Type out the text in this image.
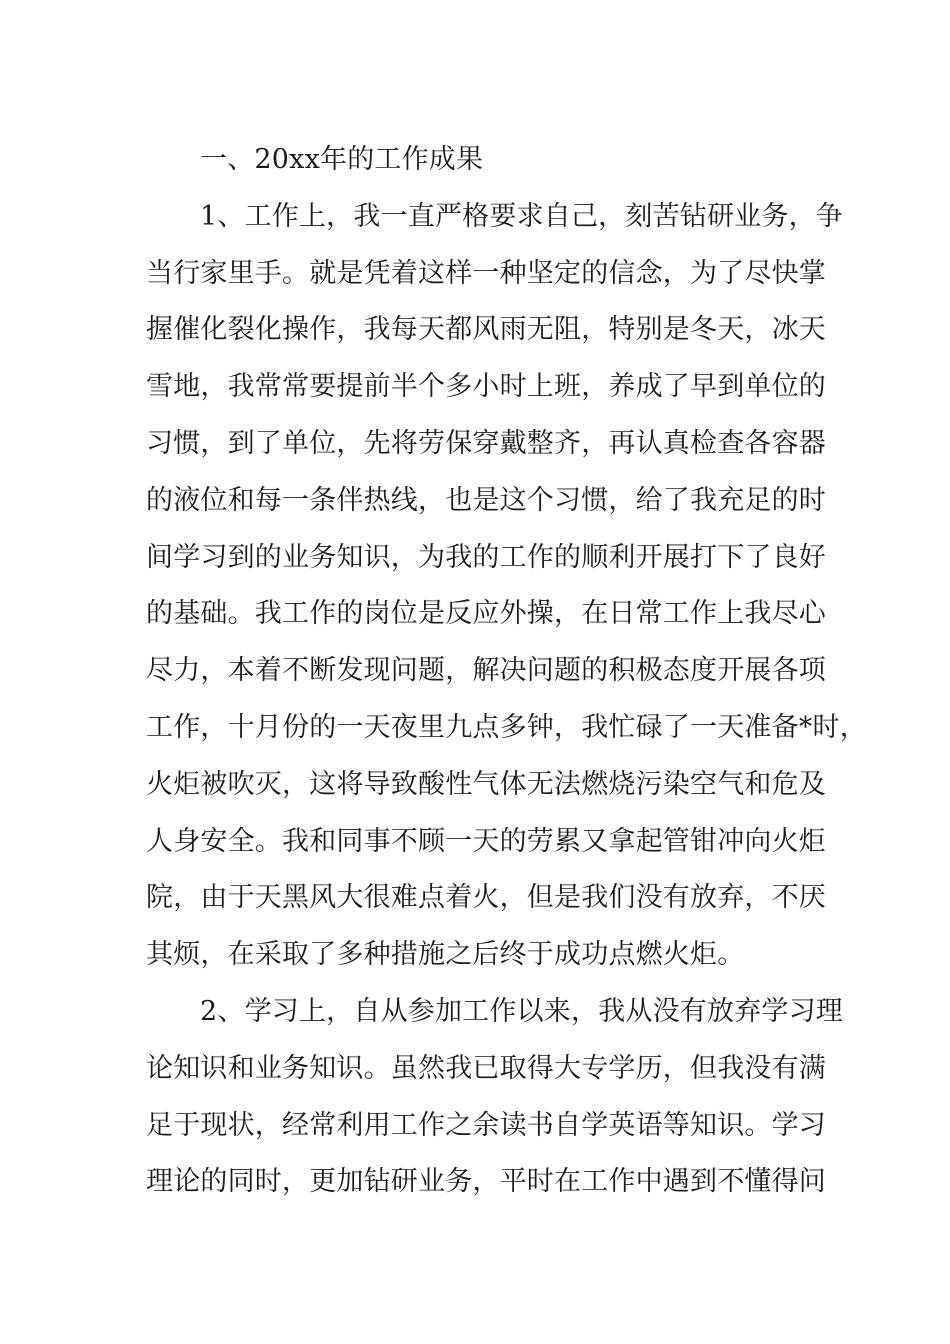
一、20xx年的工作成果
1、工作上，我一直严格要求自己，刻苦钻研业务，争
当行家里手。就是凭着这样一种坚定的信念，为了尽快掌
握催化裂化操作，我每天都风雨无阻，特别是冬天，冰天
雪地，我常常要提前半个多小时上班，养成了早到单位的
习惯，到了单位，先将劳保穿戴整齐，再认真检查各容器
的液位和每一条伴热线，也是这个习惯，给了我充足的时
间学习到的业务知识，为我的工作的顺利开展打下了良好
的基础。我工作的岗位是反应外操，在日常工作上我尽心
尽力，本着不断发现问题，解决问题的积极态度开展各项
工作，十月份的一天夜里九点多钟，我忙碌了一天准备*时，
火炬被吹灭，这将导致酸性气体无法燃烧污染空气和危及
人身安全。我和同事不顾一天的劳累又拿起管钳冲向火炬
院，由于天黑风大很难点着火，但是我们没有放弃，不厌
其烦，在采取了多种措施之后终于成功点燃火炬。
2、学习上，自从参加工作以来，我从没有放弃学习理
论知识和业务知识。虽然我已取得大专学历，但我没有满
足于现状，经常利用工作之余读书自学英语等知识。学习
理论的同时，更加钻研业务，平时在工作中遇到不懂得问
